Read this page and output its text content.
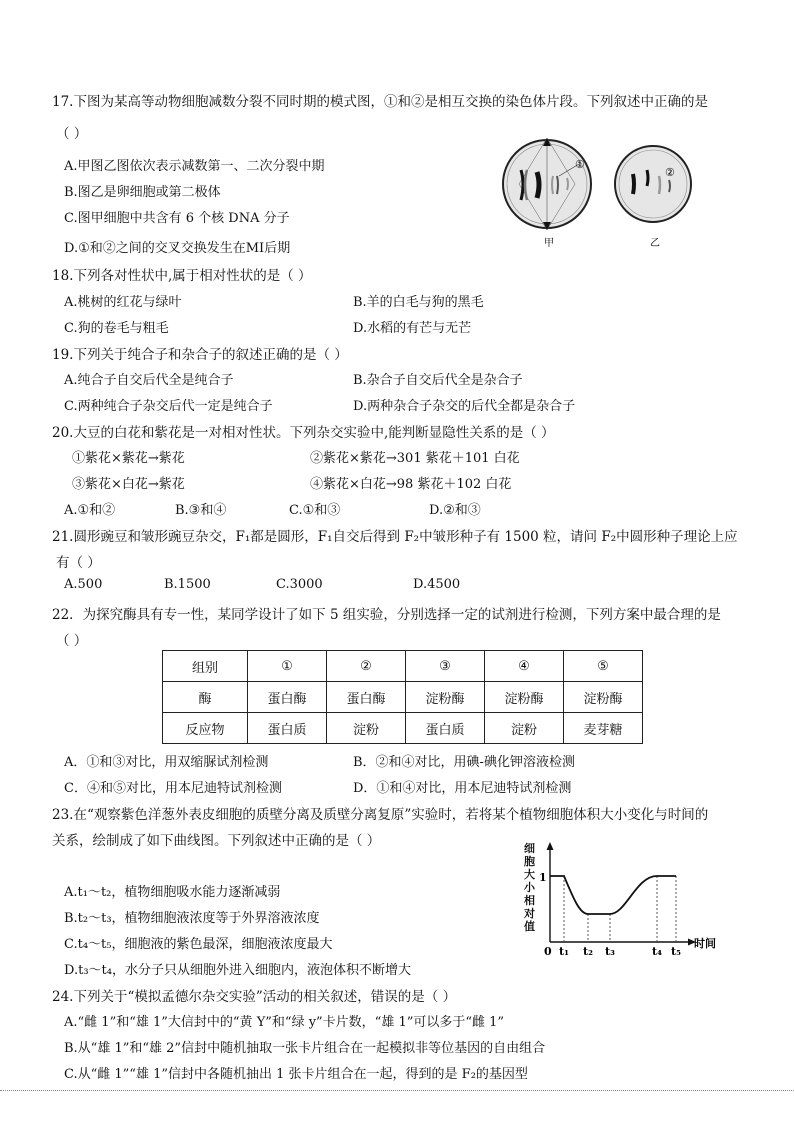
17.下图为某高等动物细胞减数分裂不同时期的模式图，①和②是相互交换的染色体片段。下列叙述中正确的是
（ ）
A.甲图乙图依次表示减数第一、二次分裂中期
B.图乙是卵细胞或第二极体
C.图甲细胞中共含有 6 个核 DNA 分子
D.①和②之间的交叉交换发生在MⅠ后期
①
②
甲	乙
18.下列各对性状中,属于相对性状的是（ ）
A.桃树的红花与绿叶	B.羊的白毛与狗的黑毛
C.狗的卷毛与粗毛	D.水稻的有芒与无芒
19.下列关于纯合子和杂合子的叙述正确的是（ ）
A.纯合子自交后代全是纯合子	B.杂合子自交后代全是杂合子
C.两种纯合子杂交后代一定是纯合子	D.两种杂合子杂交的后代全都是杂合子
20.大豆的白花和紫花是一对相对性状。下列杂交实验中,能判断显隐性关系的是（ ）
①紫花×紫花→紫花	②紫花×紫花→301 紫花＋101 白花
③紫花×白花→紫花	④紫花×白花→98 紫花＋102 白花
A.①和②	B.③和④	C.①和③	D.②和③
21.圆形豌豆和皱形豌豆杂交，F₁都是圆形，F₁自交后得到 F₂中皱形种子有 1500 粒，请问 F₂中圆形种子理论上应
有（ ）
A.500	B.1500	C.3000	D.4500
22．为探究酶具有专一性，某同学设计了如下 5 组实验，分别选择一定的试剂进行检测，下列方案中最合理的是
（ ）
组别	①	②	③	④	⑤
酶	蛋白酶	蛋白酶	淀粉酶	淀粉酶	淀粉酶
反应物	蛋白质	淀粉	蛋白质	淀粉	麦芽糖
A．①和③对比，用双缩脲试剂检测	B．②和④对比，用碘-碘化钾溶液检测
C．④和⑤对比，用本尼迪特试剂检测	D．①和④对比，用本尼迪特试剂检测
23.在“观察紫色洋葱外表皮细胞的质壁分离及质壁分离复原”实验时，若将某个植物细胞体积大小变化与时间的
关系，绘制成了如下曲线图。下列叙述中正确的是（ ）
A.t₁～t₂，植物细胞吸水能力逐渐减弱
B.t₂～t₃，植物细胞液浓度等于外界溶液浓度
C.t₄～t₅，细胞液的紫色最深，细胞液浓度最大
D.t₃～t₄，水分子只从细胞外进入细胞内，液泡体积不断增大
细
胞
大
小
相
对
值
1
0
时间
t₁ t₂ t₃	t₄ t₅
24.下列关于“模拟孟德尔杂交实验”活动的相关叙述，错误的是（ ）
A.“雌 1”和“雄 1”大信封中的“黄 Y”和“绿 y”卡片数，“雄 1”可以多于“雌 1”
B.从“雄 1”和“雄 2”信封中随机抽取一张卡片组合在一起模拟非等位基因的自由组合
C.从“雌 1”“雄 1”信封中各随机抽出 1 张卡片组合在一起，得到的是 F₂的基因型
